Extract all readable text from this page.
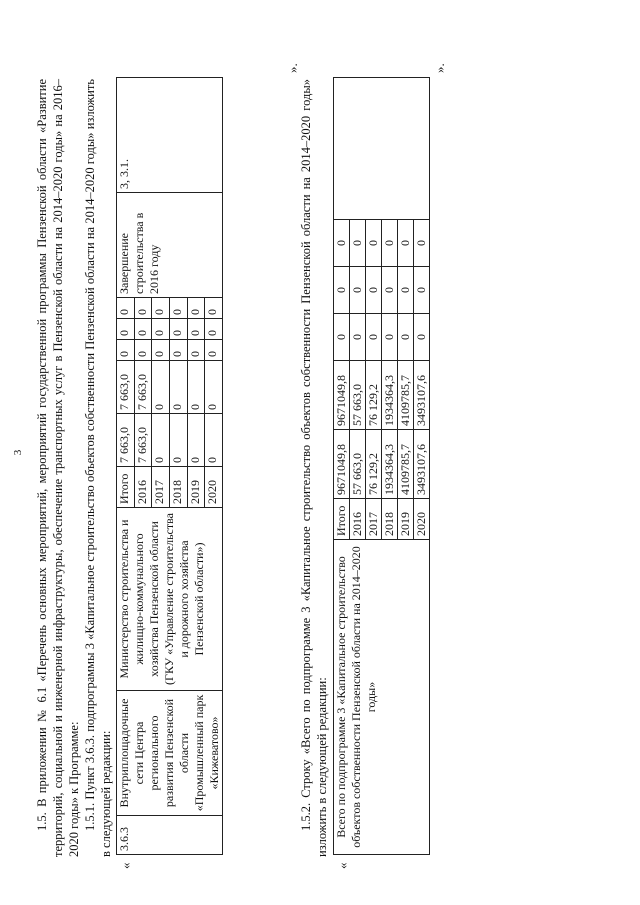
3 1.5. В приложении № 6.1 «Перечень основных мероприятий, мероприятий государственной программы Пензенской области «Развитие территорий, социальной и инженерной инфраструктуры, обеспечение транспортных услуг в Пензенской области на 2014–2020 годы» на 2016–2020 годы» к Программе: 1.5.1. Пункт 3.6.3. подпрограммы 3 «Капитальное строительство объектов собственности Пензенской области на 2014–2020 годы» изложить в следующей редакции:
«
3.6.3	Внутриплощадочные сети Центра регионального развития Пензенской области «Промышленный парк «Кижеватово»	Министерство строительства и жилищно-коммунального хозяйства Пензенской области (ГКУ «Управление строительства и дорожного хозяйства Пензенской области»)	Итого	7 663,0	7 663,0	0	0	0	Завершение строительства в 2016 году	3, 3.1.
			2016	7 663,0	7 663,0	0	0	0		
			2017	0	0	0	0	0		
			2018	0	0	0	0	0		
			2019	0	0	0	0	0		
			2020	0	0	0	0	0		
».
1.5.2. Строку «Всего по подпрограмме 3 «Капитальное строительство объектов собственности Пензенской области на 2014–2020 годы» изложить в следующей редакции:
«
Всего по подпрограмме 3 «Капитальное строительство объектов собственности Пензенской области на 2014–2020 годы»	Итого	9671049,8	9671049,8	0	0	0	
	2016	57 663,0	57 663,0	0	0	0	
	2017	76 129,2	76 129,2	0	0	0	
	2018	1934364,3	1934364,3	0	0	0	
	2019	4109785,7	4109785,7	0	0	0	
	2020	3493107,6	3493107,6	0	0	0	
».
